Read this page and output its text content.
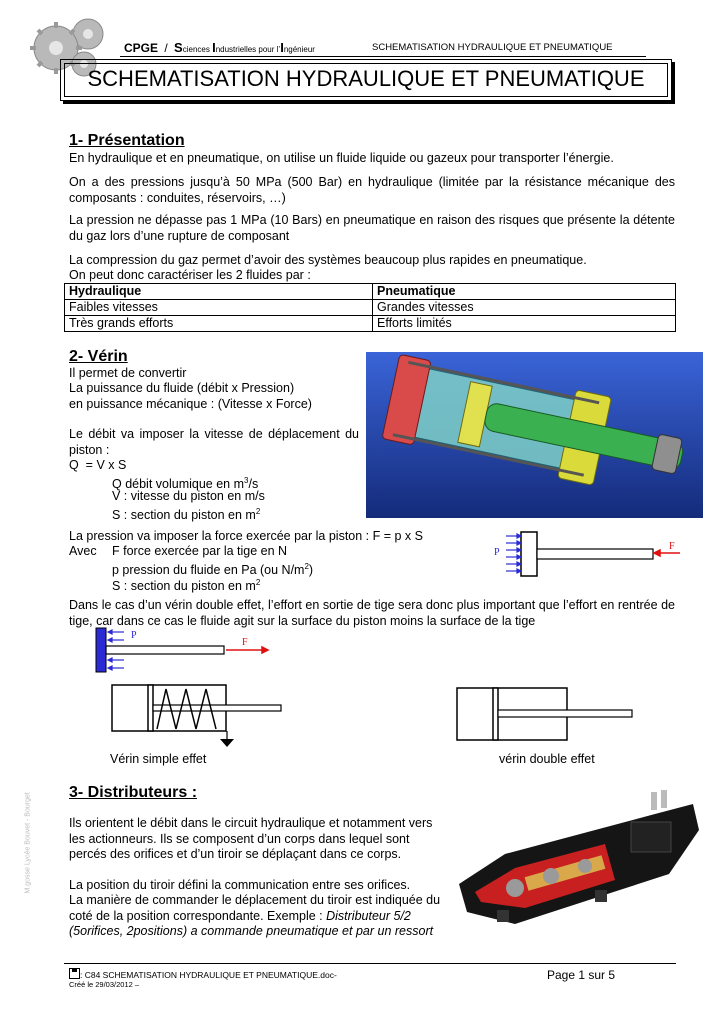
CPGE / Sciences Industrielles pour l’Ingénieur	SCHEMATISATION HYDRAULIQUE ET PNEUMATIQUE
SCHEMATISATION HYDRAULIQUE ET PNEUMATIQUE
1- Présentation
En hydraulique et en pneumatique, on utilise un fluide liquide ou gazeux pour transporter l’énergie.
On a des pressions jusqu’à 50 MPa (500 Bar) en hydraulique (limitée par la résistance mécanique des composants : conduites, réservoirs, …)
La pression ne dépasse pas 1 MPa (10 Bars) en pneumatique en raison des risques que présente la détente du gaz lors d’une rupture de composant
La compression du gaz permet d’avoir des systèmes beaucoup plus rapides en pneumatique.
On peut donc caractériser les 2 fluides par :
Hydraulique	Pneumatique
Faibles vitesses	Grandes vitesses
Très grands efforts	Efforts limités
2- Vérin
Il permet de convertir
La puissance du fluide (débit x Pression)
en puissance mécanique : (Vitesse x Force)
Le débit va imposer la vitesse de déplacement du piston :
Q  = V x S
Q débit volumique en $m^3/s$
V : vitesse du piston en m/s
S : section du piston en $m^2$
La pression va imposer la force exercée par la piston : F = p x S
Avec F force exercée par la tige en N
p pression du fluide en Pa (ou $N/m^2$)
S : section du piston en $m^2$
P
F
Dans le cas d’un vérin double effet, l’effort en sortie de tige sera donc plus important que l’effort en rentrée de tige, car dans ce cas le fluide agit sur la surface du piston moins la surface de la tige
P
F
Vérin simple effet	vérin double effet
3- Distributeurs :
Ils orientent le débit dans le circuit hydraulique et notamment vers les actionneurs. Ils se composent d’un corps dans lequel sont percés des orifices et d’un tiroir se déplaçant dans ce corps.
La position du tiroir défini la communication entre ses orifices.
La manière de commander le déplacement du tiroir est indiquée du coté de la position correspondante. Exemple : Distributeur 5/2 (5orifices, 2positions) a commande pneumatique et par un ressort
M.gosse Lycée Bouvet - Bourget
: C84 SCHEMATISATION HYDRAULIQUE ET PNEUMATIQUE.doc-
Créé le 29/03/2012 –
Page 1 sur 5
